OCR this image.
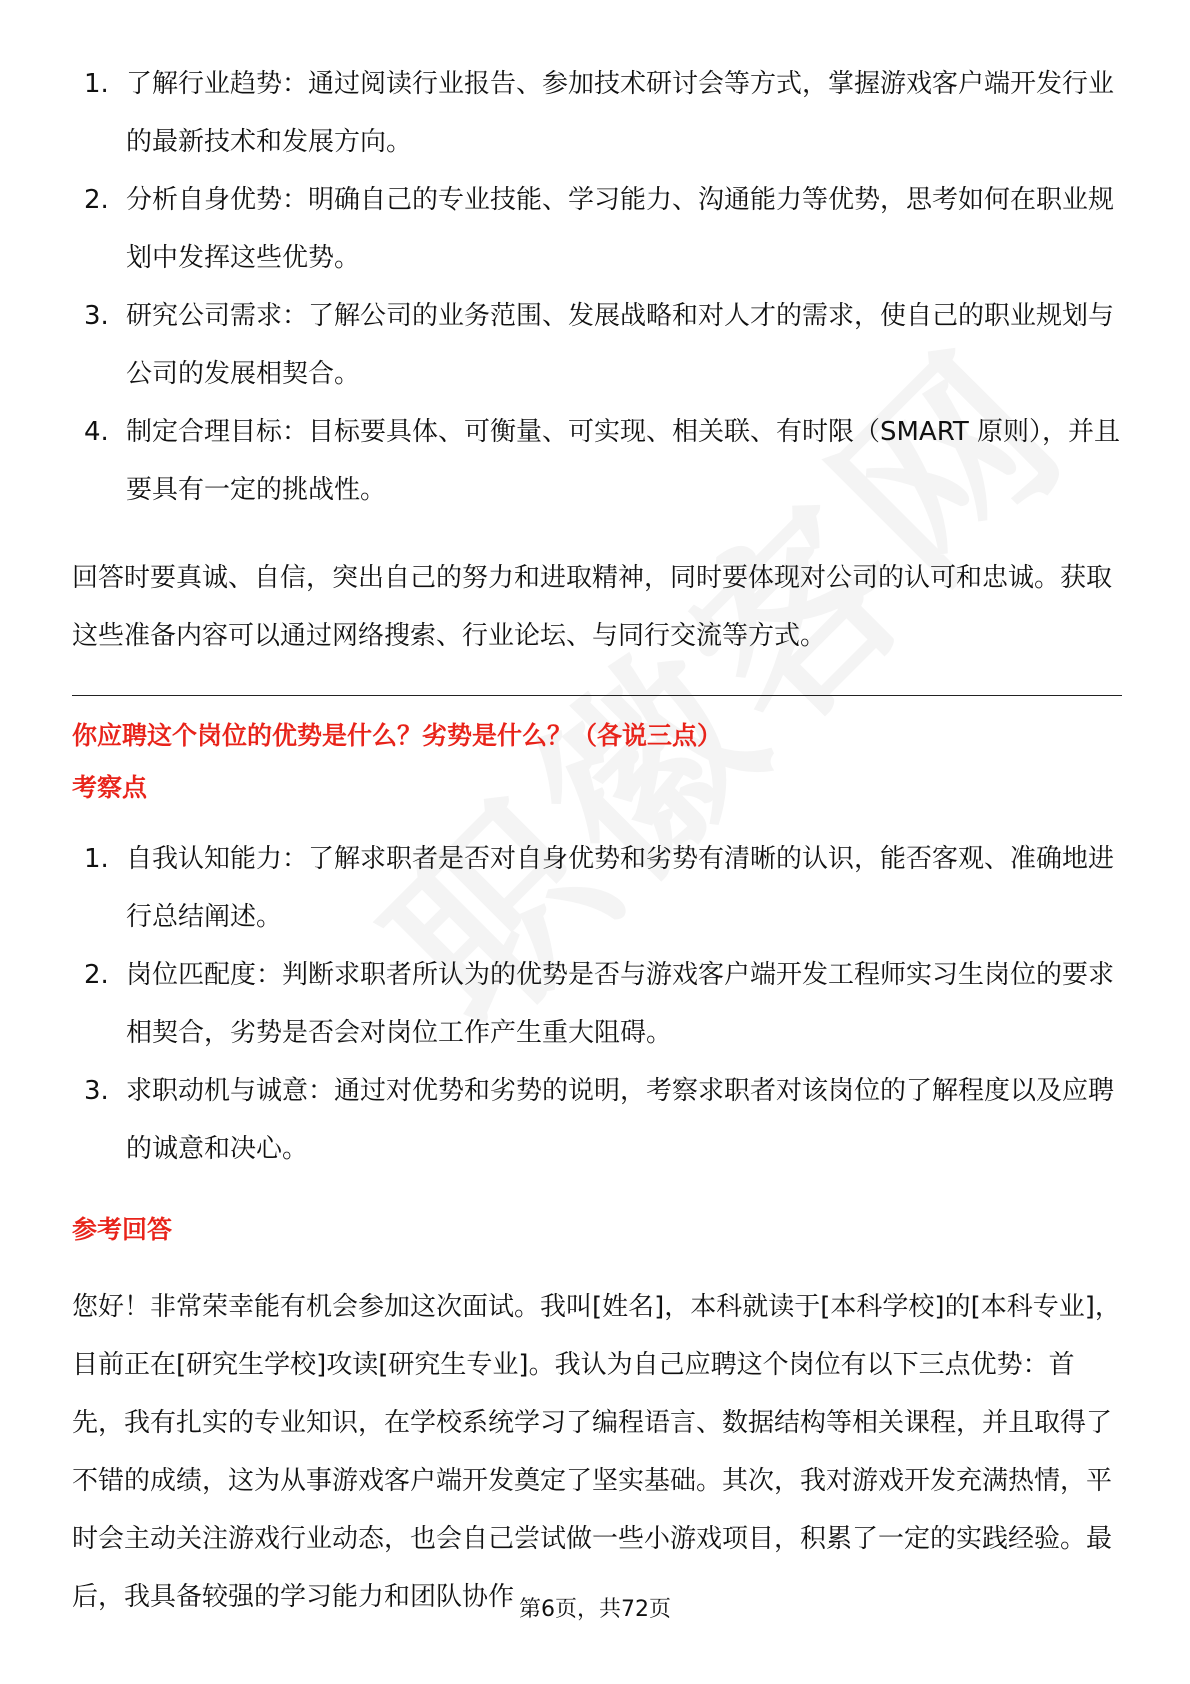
1. 了解行业趋势：通过阅读行业报告、参加技术研讨会等方式，掌握游戏客户端开发行业的最新技术和发展方向。
2. 分析自身优势：明确自己的专业技能、学习能力、沟通能力等优势，思考如何在职业规划中发挥这些优势。
3. 研究公司需求：了解公司的业务范围、发展战略和对人才的需求，使自己的职业规划与公司的发展相契合。
4. 制定合理目标：目标要具体、可衡量、可实现、相关联、有时限（SMART 原则），并且要具有一定的挑战性。

回答时要真诚、自信，突出自己的努力和进取精神，同时要体现对公司的认可和忠诚。获取这些准备内容可以通过网络搜索、行业论坛、与同行交流等方式。

你应聘这个岗位的优势是什么？劣势是什么？（各说三点）

考察点

1. 自我认知能力：了解求职者是否对自身优势和劣势有清晰的认识，能否客观、准确地进行总结阐述。
2. 岗位匹配度：判断求职者所认为的优势是否与游戏客户端开发工程师实习生岗位的要求相契合，劣势是否会对岗位工作产生重大阻碍。
3. 求职动机与诚意：通过对优势和劣势的说明，考察求职者对该岗位的了解程度以及应聘的诚意和决心。

参考回答

您好！非常荣幸能有机会参加这次面试。我叫[姓名]，本科就读于[本科学校]的[本科专业]，目前正在[研究生学校]攻读[研究生专业]。我认为自己应聘这个岗位有以下三点优势：首先，我有扎实的专业知识，在学校系统学习了编程语言、数据结构等相关课程，并且取得了不错的成绩，这为从事游戏客户端开发奠定了坚实基础。其次，我对游戏开发充满热情，平时会主动关注游戏行业动态，也会自己尝试做一些小游戏项目，积累了一定的实践经验。最后，我具备较强的学习能力和团队协作 第6页，共72页
